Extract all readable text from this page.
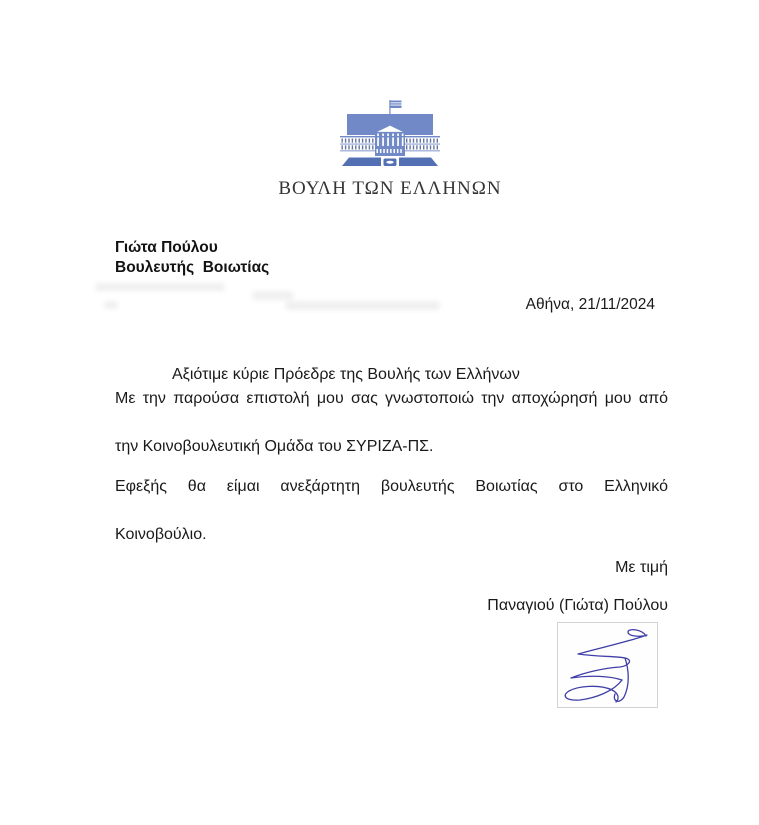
ΒΟΥΛΗ ΤΩΝ ΕΛΛΗΝΩΝ
Γιώτα Πούλου
Βουλευτής  Βοιωτίας
Αθήνα, 21/11/2024

Αξιότιμε κύριε Πρόεδρε της Βουλής των Ελλήνων
Με την παρούσα επιστολή μου σας γνωστοποιώ την αποχώρησή μου από
την Κοινοβουλευτική Ομάδα του ΣΥΡΙΖΑ-ΠΣ.

Εφεξής θα είμαι ανεξάρτητη βουλευτής Βοιωτίας στο Ελληνικό
Κοινοβούλιο.

Με τιμή
Παναγιού (Γιώτα) Πούλου
